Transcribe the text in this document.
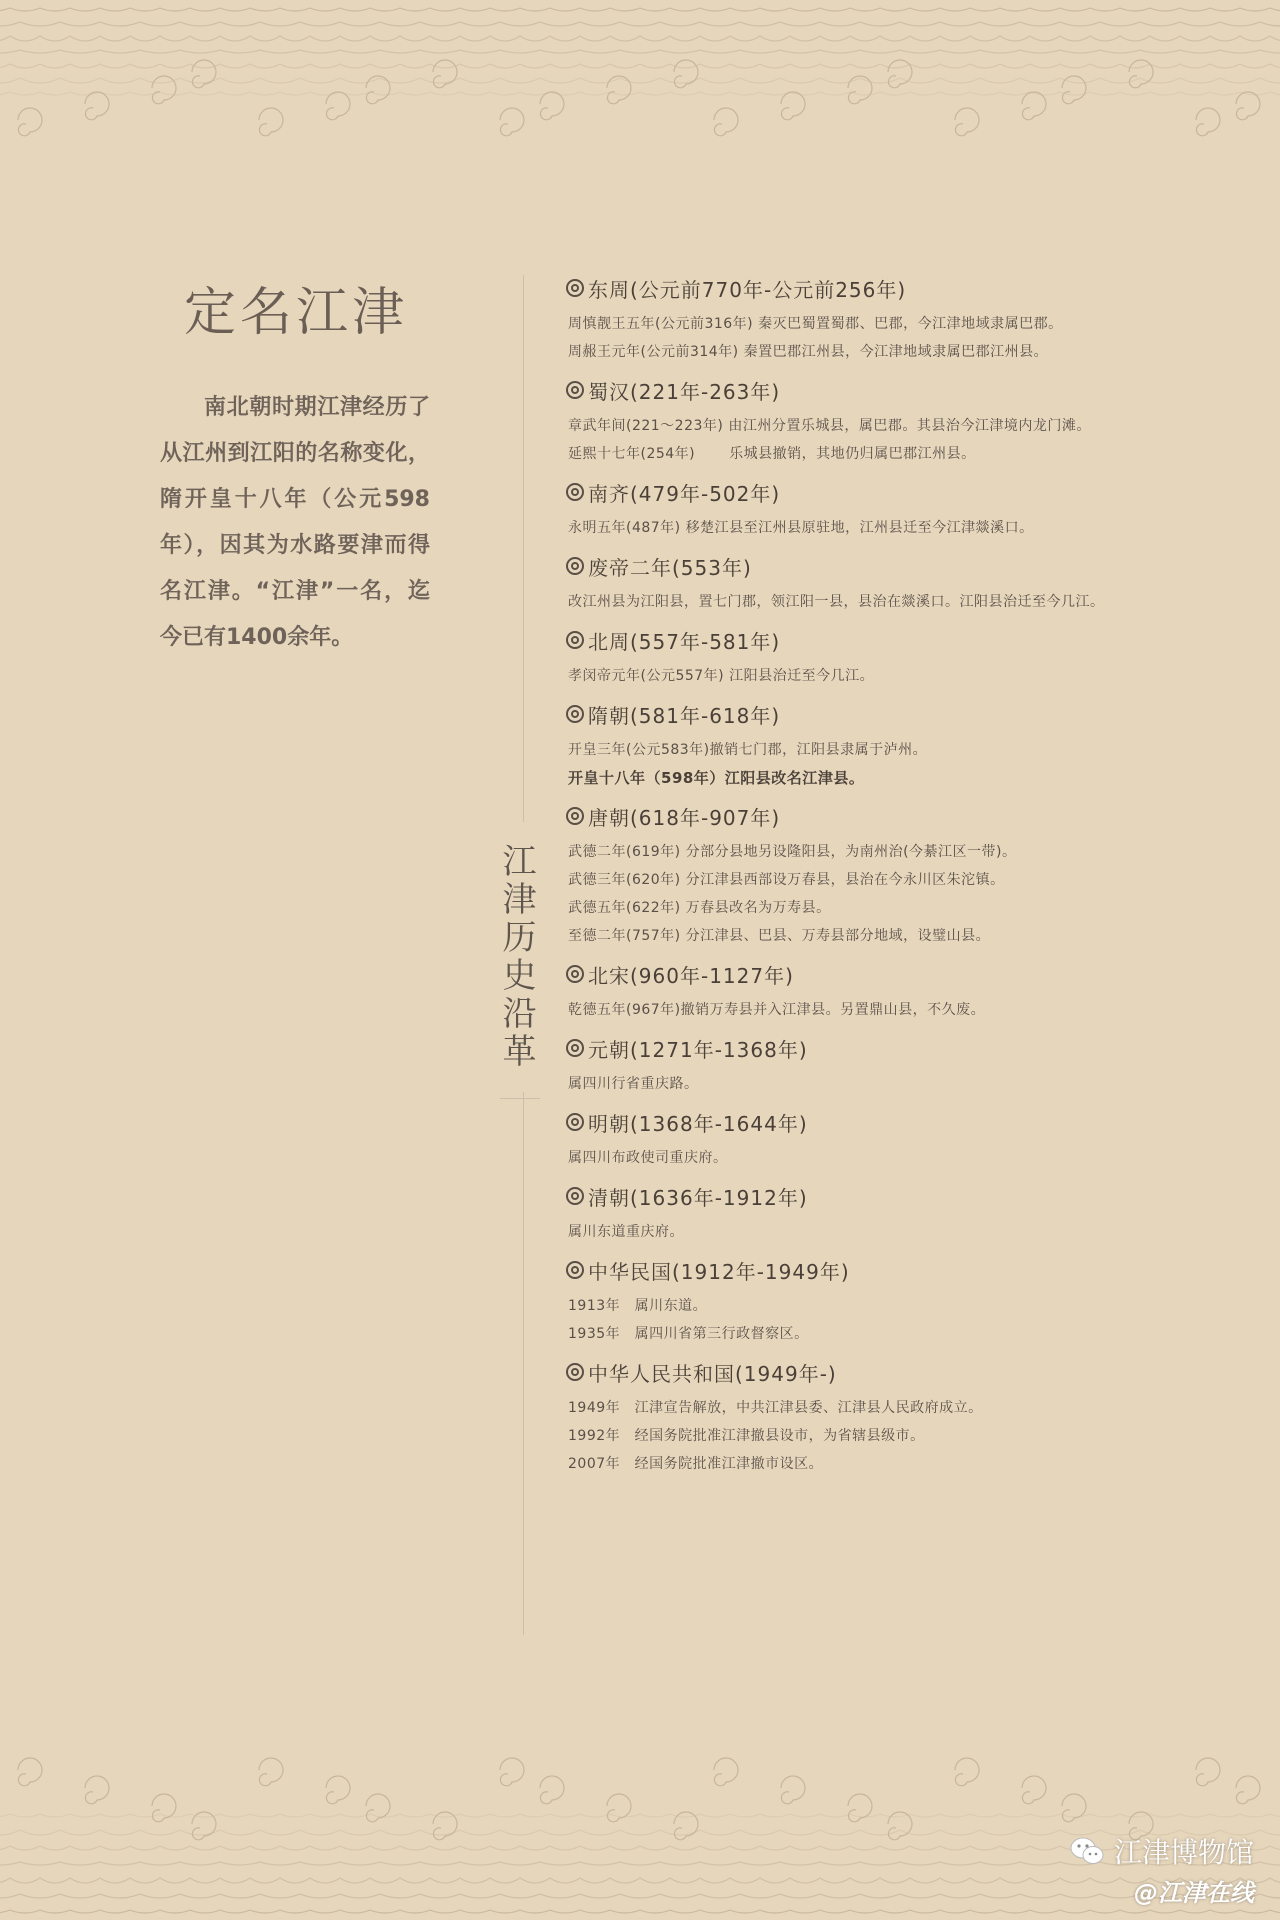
定名江津

南北朝时期江津经历了从江州到江阳的名称变化，隋开皇十八年（公元598年），因其为水路要津而得名江津。“江津”一名，迄今已有1400余年。

江津历史沿革
东周(公元前770年-公元前256年)
周慎靓王五年(公元前316年) 秦灭巴蜀置蜀郡、巴郡，今江津地域隶属巴郡。
周赧王元年(公元前314年) 秦置巴郡江州县，今江津地域隶属巴郡江州县。
蜀汉(221年-263年)
章武年间(221～223年) 由江州分置乐城县，属巴郡。其县治今江津境内龙门滩。
延熙十七年(254年)　　 乐城县撤销，其地仍归属巴郡江州县。
南齐(479年-502年)
永明五年(487年) 移楚江县至江州县原驻地，江州县迁至今江津燚溪口。
废帝二年(553年)
改江州县为江阳县，置七门郡，领江阳一县，县治在燚溪口。江阳县治迁至今几江。
北周(557年-581年)
孝闵帝元年(公元557年) 江阳县治迁至今几江。
隋朝(581年-618年)
开皇三年(公元583年)撤销七门郡，江阳县隶属于泸州。
开皇十八年（598年）江阳县改名江津县。
唐朝(618年-907年)
武德二年(619年) 分部分县地另设隆阳县，为南州治(今綦江区一带)。
武德三年(620年) 分江津县西部设万春县，县治在今永川区朱沱镇。
武德五年(622年) 万春县改名为万寿县。
至德二年(757年) 分江津县、巴县、万寿县部分地域，设璧山县。
北宋(960年-1127年)
乾德五年(967年)撤销万寿县并入江津县。另置鼎山县，不久废。
元朝(1271年-1368年)
属四川行省重庆路。
明朝(1368年-1644年)
属四川布政使司重庆府。
清朝(1636年-1912年)
属川东道重庆府。
中华民国(1912年-1949年)
1913年　属川东道。
1935年　属四川省第三行政督察区。
中华人民共和国(1949年-)
1949年　江津宣告解放，中共江津县委、江津县人民政府成立。
1992年　经国务院批准江津撤县设市，为省辖县级市。
2007年　经国务院批准江津撤市设区。
江津博物馆
@江津在线
